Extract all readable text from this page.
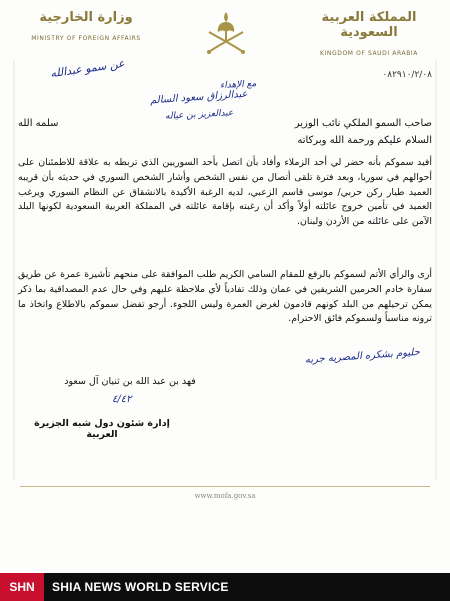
المملكة العربية السعودية
KINGDOM OF SAUDI ARABIA
وزارة الخارجية
MINISTRY OF FOREIGN AFFAIRS
٠٨٢٩١٠/٢/٠٨
عن سمو عبدالله
عبدالرزاق سعود السالم
مع الإهداء
عبدالعزيز بن عياله
صاحب السمو الملكي نائب الوزير
سلمه الله
السلام عليكم ورحمة الله وبركاته
أفيد سموكم بأنه حضر لي أحد الزملاء وأفاد بأن اتصل بأحد السوريين الذي تربطه به علاقة للاطمئنان على أحوالهم في سوريا، وبعد فترة تلقى أتصال من نفس الشخص وأشار الشخص السوري في حديثه بأن قريبه العميد طيار ركن حربي/ موسى قاسم الزعبي، لديه الرغبة الأكيدة بالانشقاق عن النظام السوري ويرغب العميد في تأمين خروج عائلته أولاً وأكد أن رغبته بإقامة عائلته في المملكة العربية السعودية لكونها البلد الآمن على عائلته من الأردن ولبنان.
أرى والرأي الأتم لسموكم بالرفع للمقام السامي الكريم طلب الموافقة على منحهم تأشيرة عمرة عن طريق سفارة خادم الحرمين الشريفين في عمان وذلك تفادياً لأي ملاحظة عليهم وفي حال عدم المصداقية بما ذكر يمكن ترحيلهم من البلد كونهم قادمون لغرض العمرة وليس اللجوء. أرجو تفضل سموكم بالاطلاع واتخاذ ما ترونه مناسباً ولسموكم فائق الاحترام.
حليوم بشكره المصريه جربه
فهد بن عبد الله بن ثنيان آل سعود
٤/٤٢
إدارة شئون دول شبه الجزيرة العربية
www.mofa.gov.sa
SHN	SHIA NEWS WORLD SERVICE
